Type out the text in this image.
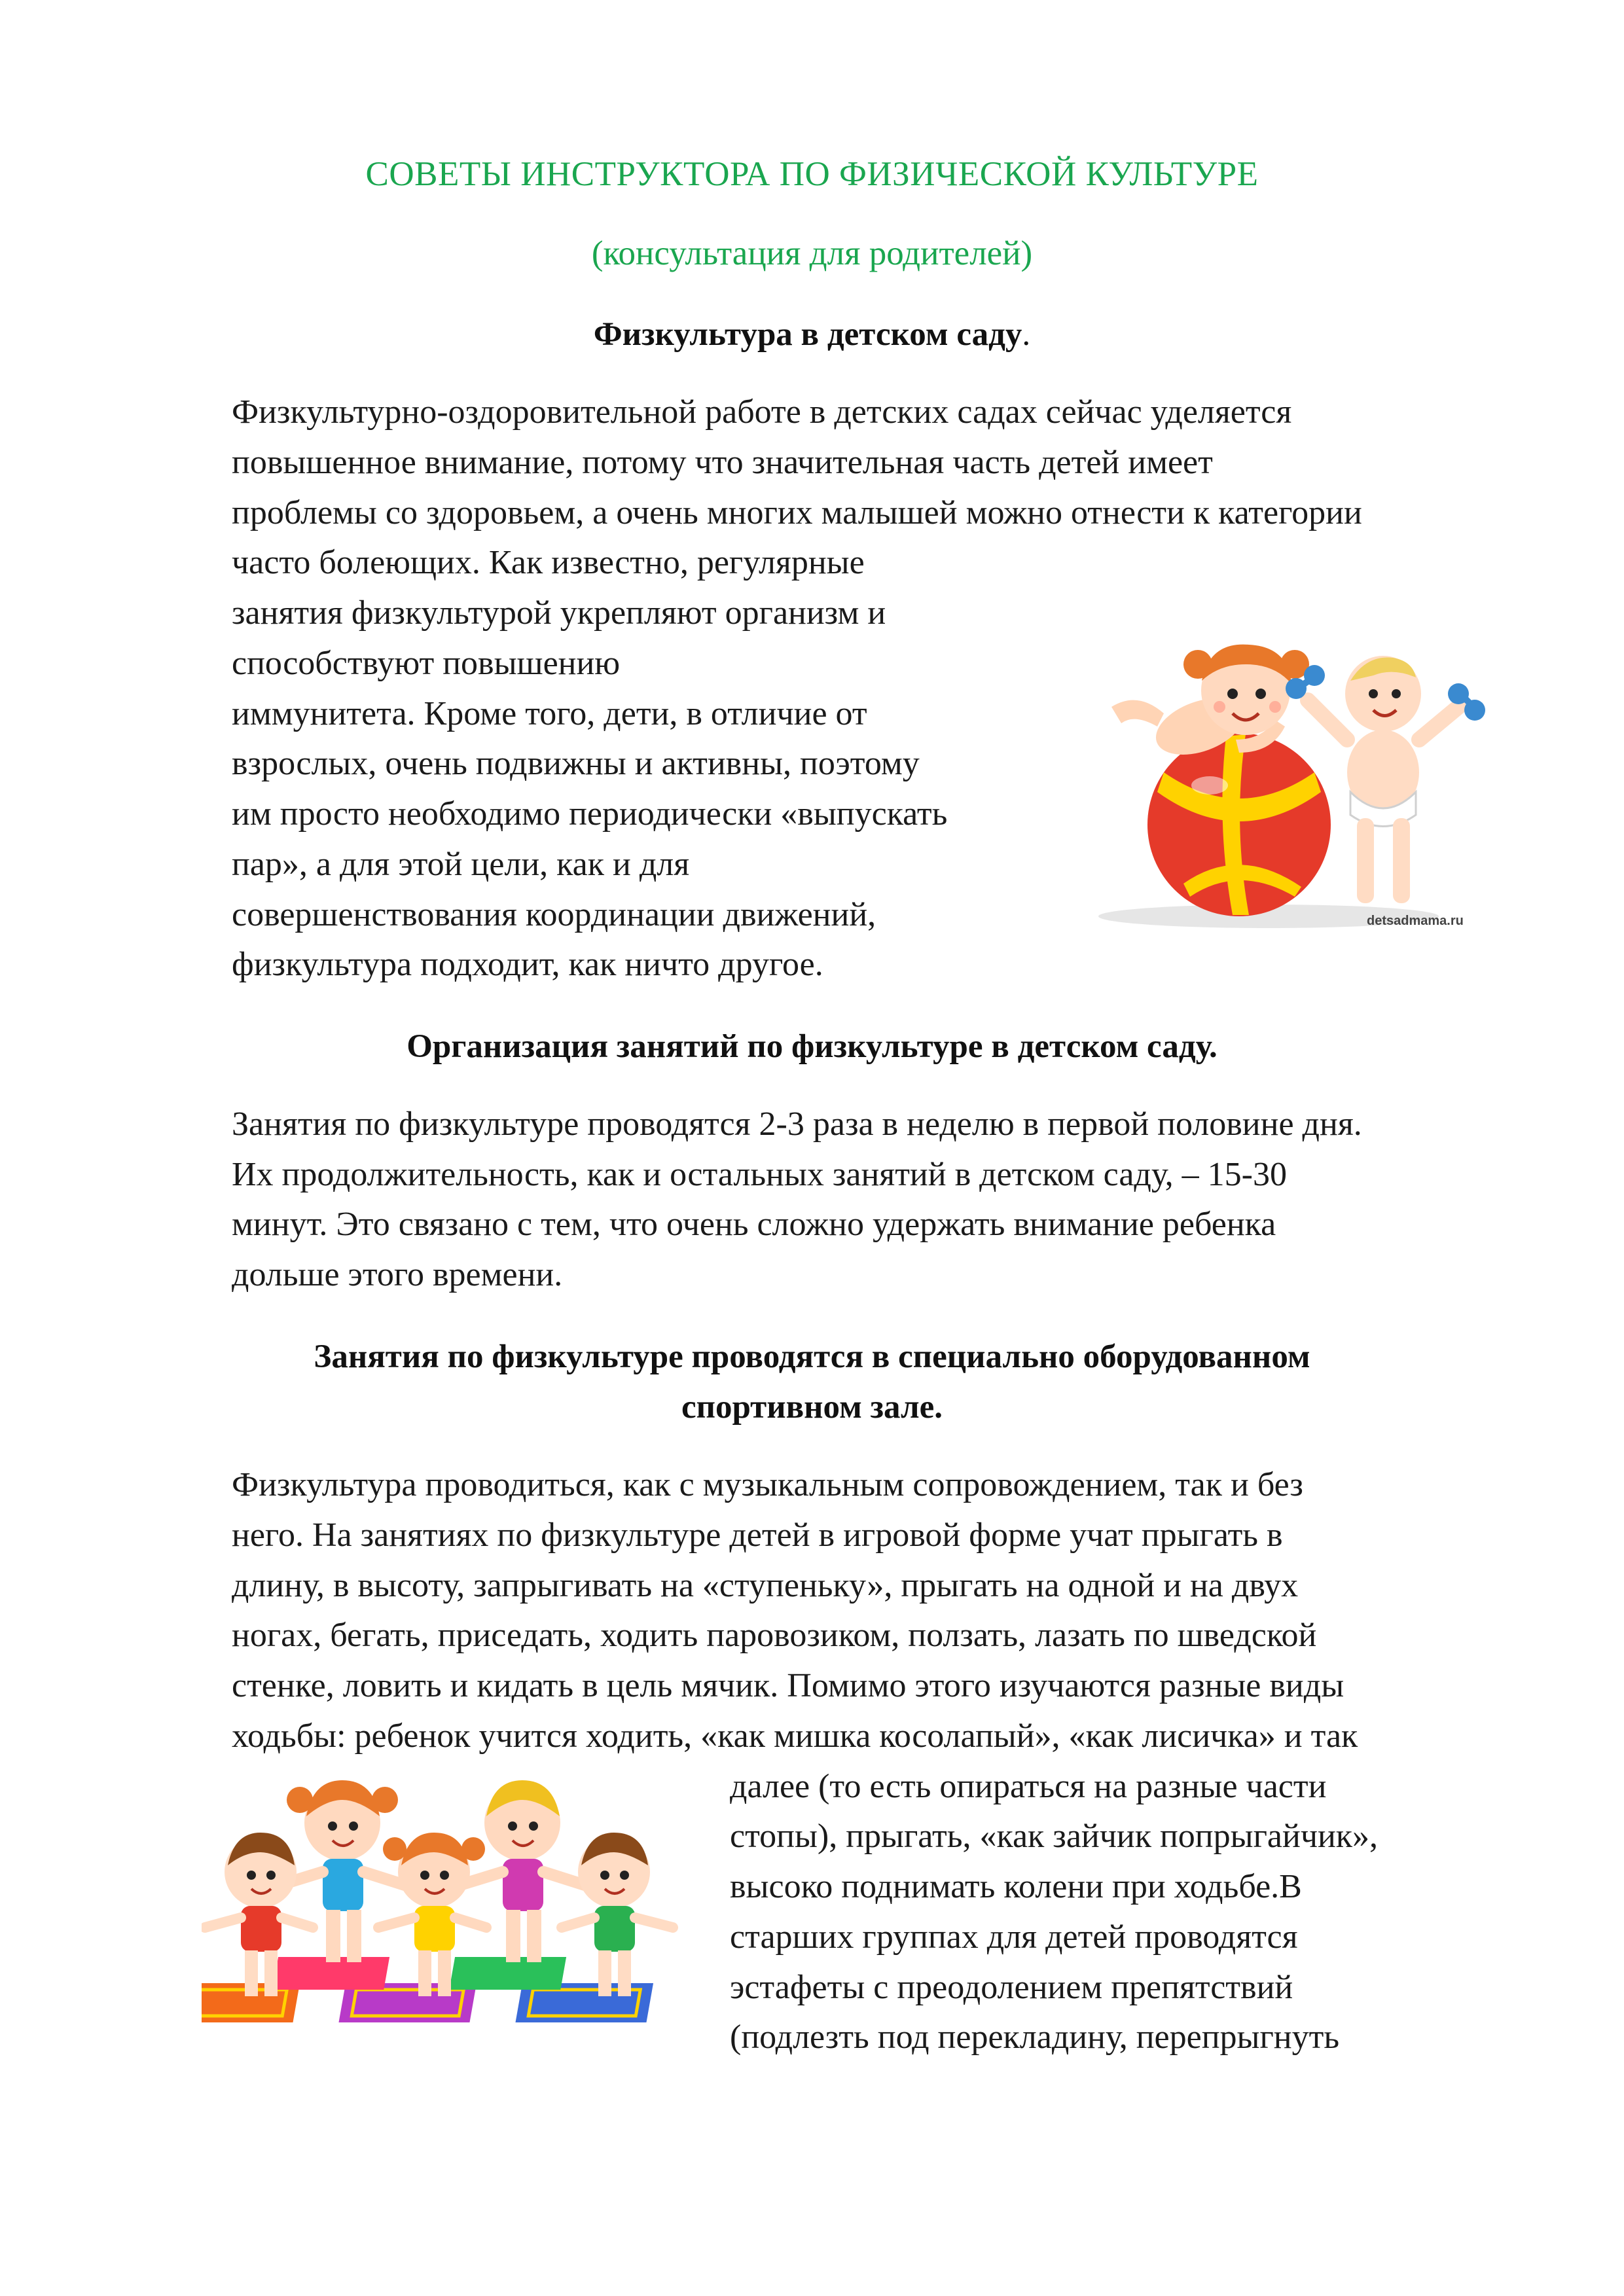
СОВЕТЫ ИНСТРУКТОРА ПО ФИЗИЧЕСКОЙ КУЛЬТУРЕ
(консультация для родителей)
Физкультура в детском саду.
Физкультурно-оздоровительной работе в детских садах сейчас уделяется
повышенное внимание, потому что значительная часть детей имеет
проблемы со здоровьем, а очень многих малышей можно отнести к категории
часто болеющих. Как известно, регулярные
занятия физкультурой укрепляют организм и
способствуют повышению
иммунитета. Кроме того, дети, в отличие от
взрослых, очень подвижны и активны, поэтому
им просто необходимо периодически «выпускать
пар», а для этой цели, как и для
совершенствования координации движений,
физкультура подходит, как ничто другое.
detsadmama.ru
Организация занятий по физкультуре в детском саду.
Занятия по физкультуре проводятся 2-3 раза в неделю в первой половине дня.
Их продолжительность, как и остальных занятий в детском саду, – 15-30
минут. Это связано с тем, что очень сложно удержать внимание ребенка
дольше этого времени.
Занятия по физкультуре проводятся в специально оборудованном
спортивном зале.
Физкультура проводиться, как с музыкальным сопровождением, так и без
него. На занятиях по физкультуре детей в игровой форме учат прыгать в
длину, в высоту, запрыгивать на «ступеньку», прыгать на одной и на двух
ногах, бегать, приседать, ходить паровозиком, ползать, лазать по шведской
стенке, ловить и кидать в цель мячик. Помимо этого изучаются разные виды
ходьбы: ребенок учится ходить, «как мишка косолапый», «как лисичка» и так
далее (то есть опираться на разные части
стопы), прыгать, «как зайчик попрыгайчик»,
высоко поднимать колени при ходьбе.В
старших группах для детей проводятся
эстафеты с преодолением препятствий
(подлезть под перекладину, перепрыгнуть
